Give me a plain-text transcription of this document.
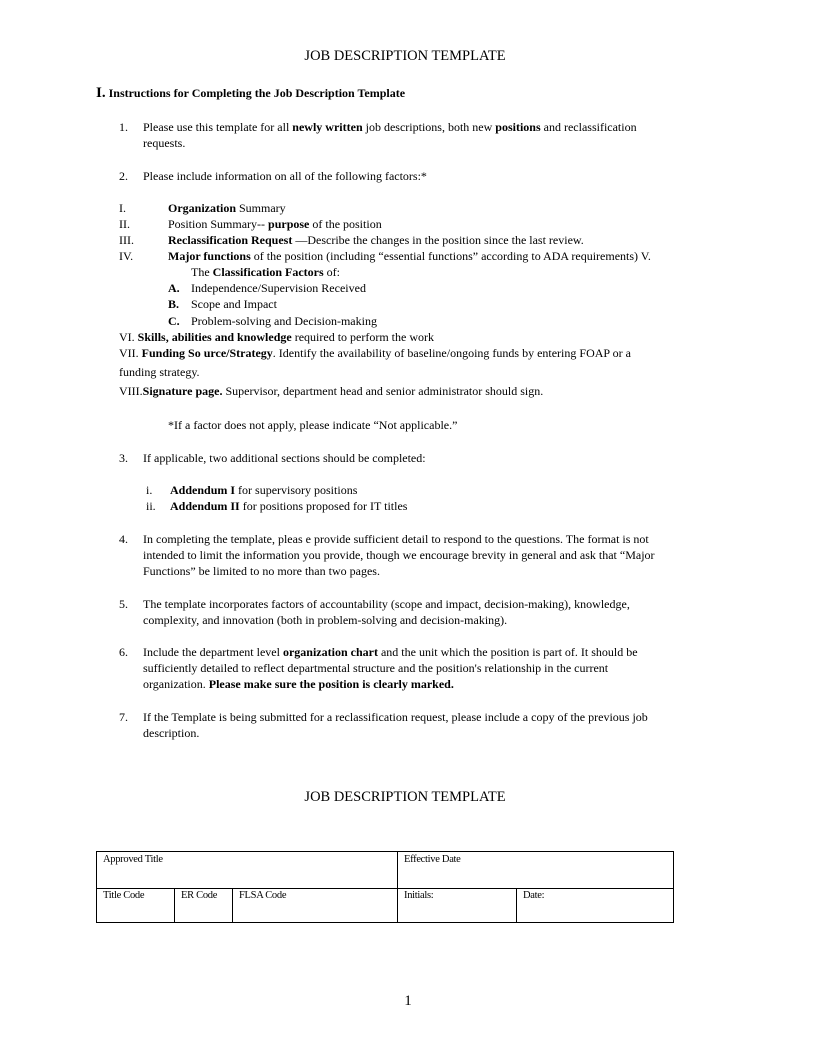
JOB DESCRIPTION TEMPLATE
I. Instructions for Completing the Job Description Template
1. Please use this template for all newly written job descriptions, both new positions and reclassification
requests.
2. Please include information on all of the following factors:*
I.	Organization Summary
II.	Position Summary-- purpose of the position
III.	Reclassification Request —Describe the changes in the position since the last review.
IV.	Major functions of the position (including “essential functions” according to ADA requirements) V.
The Classification Factors of:
A. Independence/Supervision Received
B. Scope and Impact
C. Problem-solving and Decision-making
VI. Skills, abilities and knowledge required to perform the work
VII. Funding So urce/Strategy. Identify the availability of baseline/ongoing funds by entering FOAP or a
funding strategy.
VIII.Signature page. Supervisor, department head and senior administrator should sign.
*If a factor does not apply, please indicate “Not applicable.”
3. If applicable, two additional sections should be completed:
i. Addendum I for supervisory positions
ii. Addendum II for positions proposed for IT titles
4. In completing the template, pleas e provide sufficient detail to respond to the questions. The format is not
intended to limit the information you provide, though we encourage brevity in general and ask that “Major
Functions” be limited to no more than two pages.
5. The template incorporates factors of accountability (scope and impact, decision-making), knowledge,
complexity, and innovation (both in problem-solving and decision-making).
6. Include the department level organization chart and the unit which the position is part of. It should be
sufficiently detailed to reflect departmental structure and the position's relationship in the current
organization. Please make sure the position is clearly marked.
7. If the Template is being submitted for a reclassification request, please include a copy of the previous job
description.
JOB DESCRIPTION TEMPLATE
Approved Title	Effective Date
Title Code	ER Code	FLSA Code	Initials:	Date:
1
